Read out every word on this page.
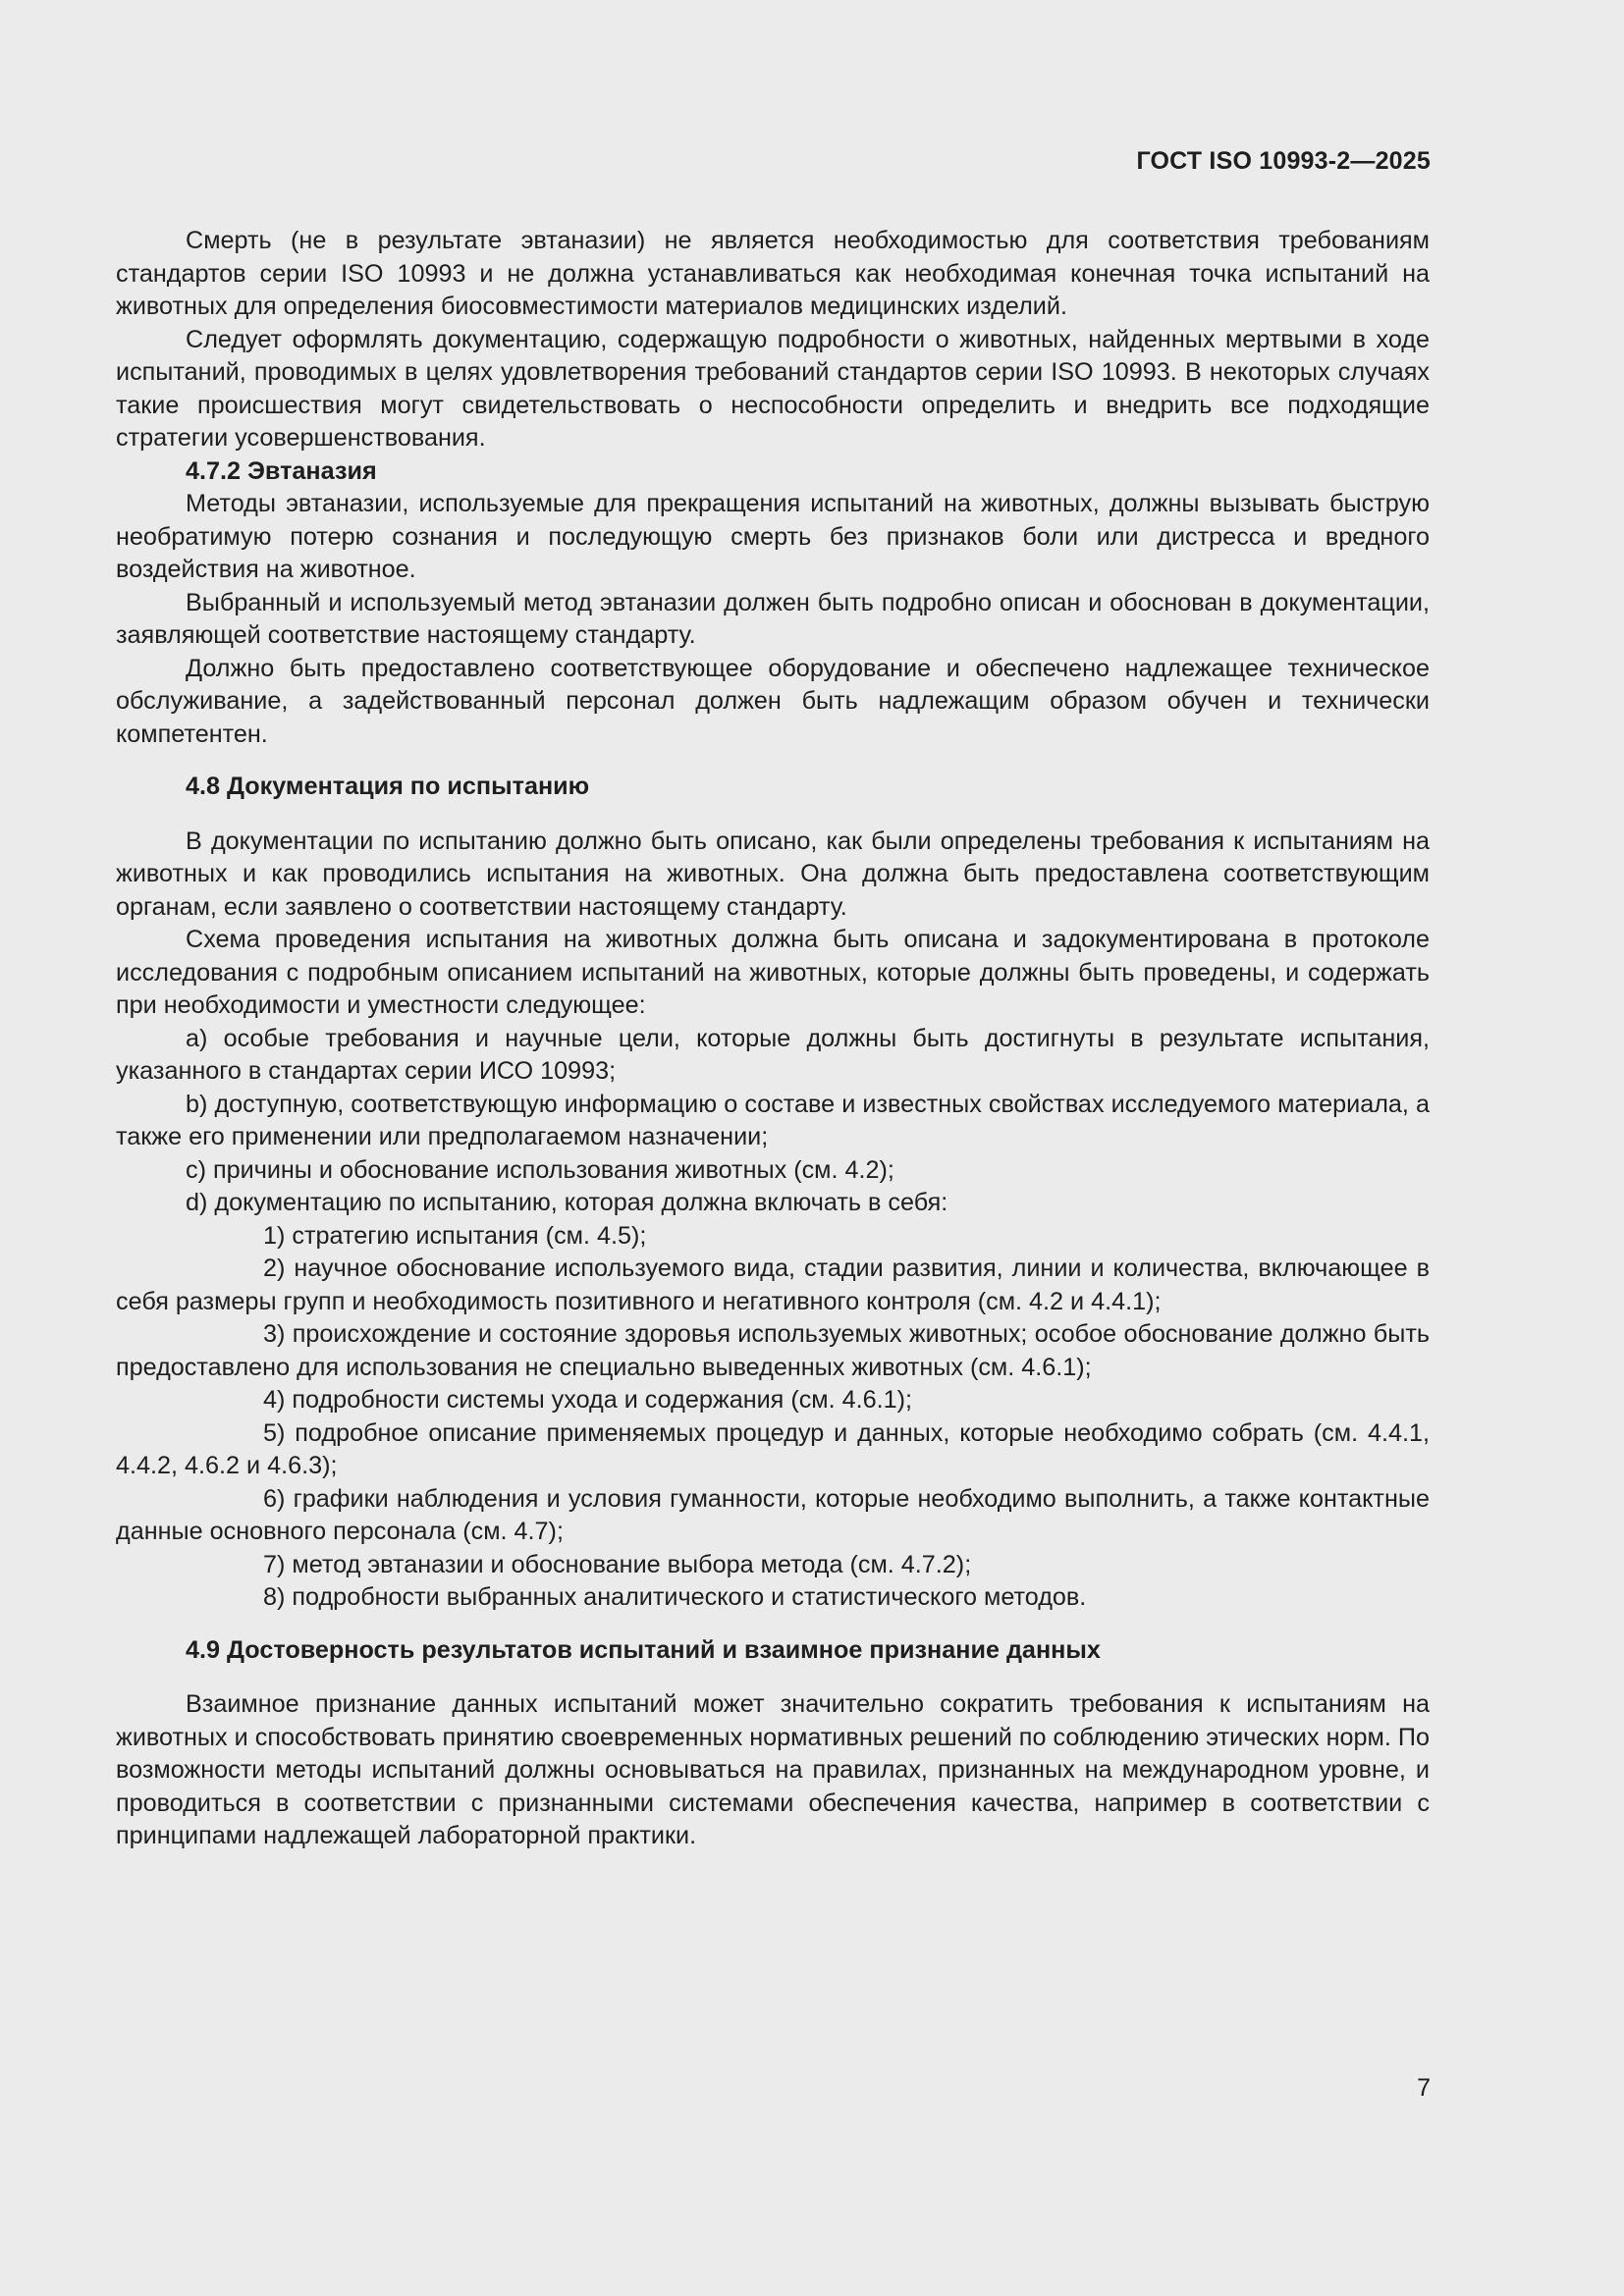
ГОСТ ISO 10993-2—2025

Смерть (не в результате эвтаназии) не является необходимостью для соответствия требованиям стандартов серии ISO 10993 и не должна устанавливаться как необходимая конечная точка испытаний на животных для определения биосовместимости материалов медицинских изделий.

Следует оформлять документацию, содержащую подробности о животных, найденных мертвыми в ходе испытаний, проводимых в целях удовлетворения требований стандартов серии ISO 10993. В некоторых случаях такие происшествия могут свидетельствовать о неспособности определить и внедрить все подходящие стратегии усовершенствования.

4.7.2 Эвтаназия

Методы эвтаназии, используемые для прекращения испытаний на животных, должны вызывать быструю необратимую потерю сознания и последующую смерть без признаков боли или дистресса и вредного воздействия на животное.

Выбранный и используемый метод эвтаназии должен быть подробно описан и обоснован в документации, заявляющей соответствие настоящему стандарту.

Должно быть предоставлено соответствующее оборудование и обеспечено надлежащее техническое обслуживание, а задействованный персонал должен быть надлежащим образом обучен и технически компетентен.

4.8 Документация по испытанию

В документации по испытанию должно быть описано, как были определены требования к испытаниям на животных и как проводились испытания на животных. Она должна быть предоставлена соответствующим органам, если заявлено о соответствии настоящему стандарту.

Схема проведения испытания на животных должна быть описана и задокументирована в протоколе исследования с подробным описанием испытаний на животных, которые должны быть проведены, и содержать при необходимости и уместности следующее:

a) особые требования и научные цели, которые должны быть достигнуты в результате испытания, указанного в стандартах серии ИСО 10993;

b) доступную, соответствующую информацию о составе и известных свойствах исследуемого материала, а также его применении или предполагаемом назначении;

c) причины и обоснование использования животных (см. 4.2);

d) документацию по испытанию, которая должна включать в себя:

1) стратегию испытания (см. 4.5);

2) научное обоснование используемого вида, стадии развития, линии и количества, включающее в себя размеры групп и необходимость позитивного и негативного контроля (см. 4.2 и 4.4.1);

3) происхождение и состояние здоровья используемых животных; особое обоснование должно быть предоставлено для использования не специально выведенных животных (см. 4.6.1);

4) подробности системы ухода и содержания (см. 4.6.1);

5) подробное описание применяемых процедур и данных, которые необходимо собрать (см. 4.4.1, 4.4.2, 4.6.2 и 4.6.3);

6) графики наблюдения и условия гуманности, которые необходимо выполнить, а также контактные данные основного персонала (см. 4.7);

7) метод эвтаназии и обоснование выбора метода (см. 4.7.2);

8) подробности выбранных аналитического и статистического методов.

4.9 Достоверность результатов испытаний и взаимное признание данных

Взаимное признание данных испытаний может значительно сократить требования к испытаниям на животных и способствовать принятию своевременных нормативных решений по соблюдению этических норм. По возможности методы испытаний должны основываться на правилах, признанных на международном уровне, и проводиться в соответствии с признанными системами обеспечения качества, например в соответствии с принципами надлежащей лабораторной практики.

7
